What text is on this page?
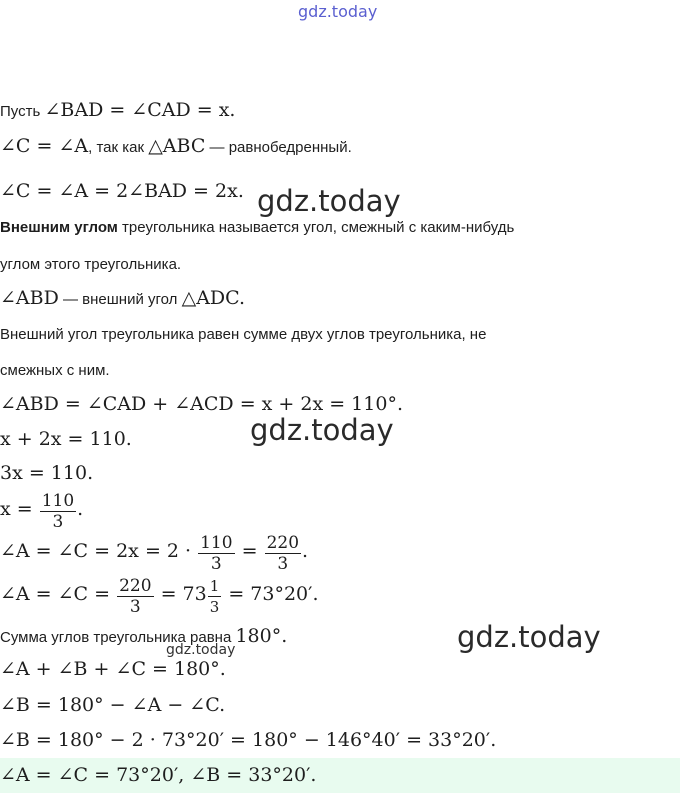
gdz.today
Пусть ∠BAD = ∠CAD = x.
∠C = ∠A, так как △ABC — равнобедренный.
∠C = ∠A = 2∠BAD = 2x. gdz.today
Внешним углом треугольника называется угол, смежный с каким-нибудь
углом этого треугольника.
∠ABD — внешний угол △ADC.
Внешний угол треугольника равен сумме двух углов треугольника, не
смежных с ним.
∠ABD = ∠CAD + ∠ACD = x + 2x = 110°.
gdz.today
x + 2x = 110.
3x = 110.
$x = \frac{110}{3}$ .
∠A = ∠C = $2x = 2 \cdot \frac{110}{3} = \frac{220}{3}$ .
∠A = ∠C = $\frac{220}{3} = 73 \frac{1}{3} = 73^\circ 20'$.
Сумма углов треугольника равна 180°.	gdz.today
gdz.today
∠A + ∠B + ∠C = 180°.
∠B = 180° − ∠A − ∠C.
∠B = 180° − 2 · 73°20′ = 180° − 146°40′ = 33°20′.
∠A = ∠C = 73°20′, ∠B = 33°20′.
